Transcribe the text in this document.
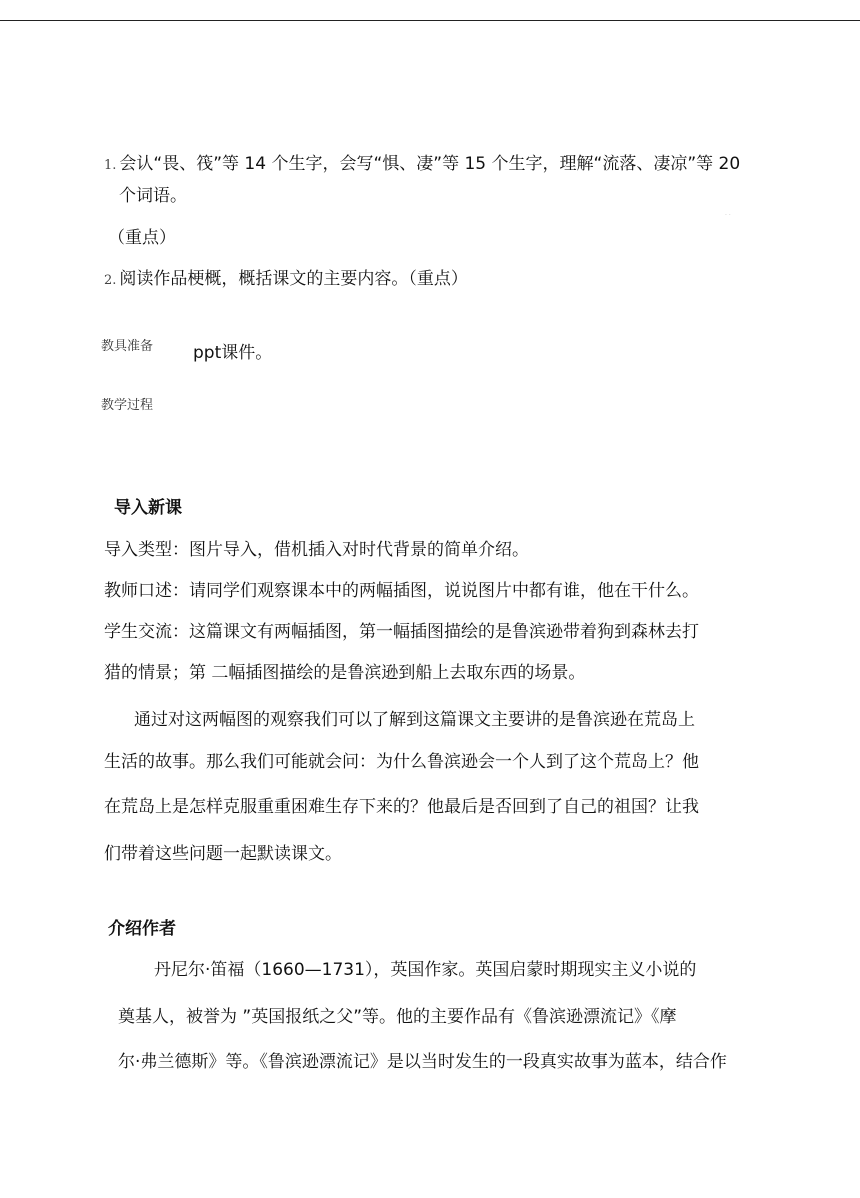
1. 会认“畏、筏”等 14 个生字，会写“惧、凄”等 15 个生字，理解“流落、凄凉”等 20
个词语。
· ·
（重点）
2. 阅读作品梗概，概括课文的主要内容。（重点）
教具准备 ppt课件。
教学过程
导入新课
导入类型：图片导入，借机插入对时代背景的简单介绍。
教师口述：请同学们观察课本中的两幅插图，说说图片中都有谁，他在干什么。
学生交流：这篇课文有两幅插图，第一幅插图描绘的是鲁滨逊带着狗到森林去打
猎的情景；第 二幅插图描绘的是鲁滨逊到船上去取东西的场景。
通过对这两幅图的观察我们可以了解到这篇课文主要讲的是鲁滨逊在荒岛上
生活的故事。那么我们可能就会问：为什么鲁滨逊会一个人到了这个荒岛上？他
在荒岛上是怎样克服重重困难生存下来的？他最后是否回到了自己的祖国？让我
们带着这些问题一起默读课文。
介绍作者
丹尼尔·笛福（1660—1731），英国作家。英国启蒙时期现实主义小说的
奠基人，被誉为 ”英国报纸之父”等。他的主要作品有《鲁滨逊漂流记》《摩
尔·弗兰德斯》等。《鲁滨逊漂流记》是以当时发生的一段真实故事为蓝本，结合作
